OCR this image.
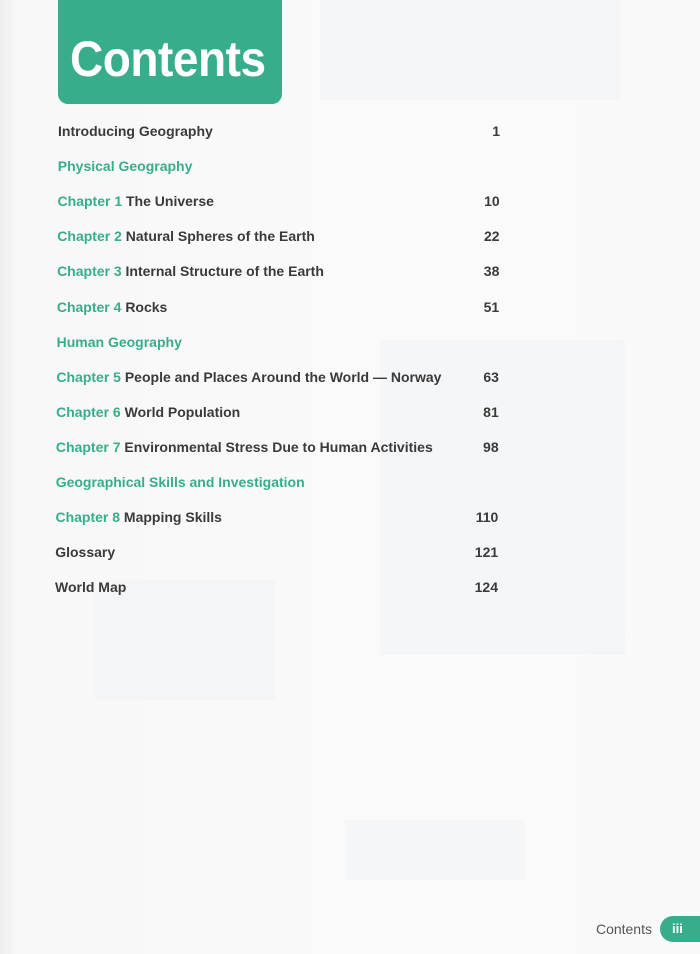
Contents
Introducing Geography	1
Physical Geography
Chapter 1 The Universe	10
Chapter 2 Natural Spheres of the Earth	22
Chapter 3 Internal Structure of the Earth	38
Chapter 4 Rocks	51
Human Geography
Chapter 5 People and Places Around the World — Norway	63
Chapter 6 World Population	81
Chapter 7 Environmental Stress Due to Human Activities	98
Geographical Skills and Investigation
Chapter 8 Mapping Skills	110
Glossary	121
World Map	124
Contents	iii
